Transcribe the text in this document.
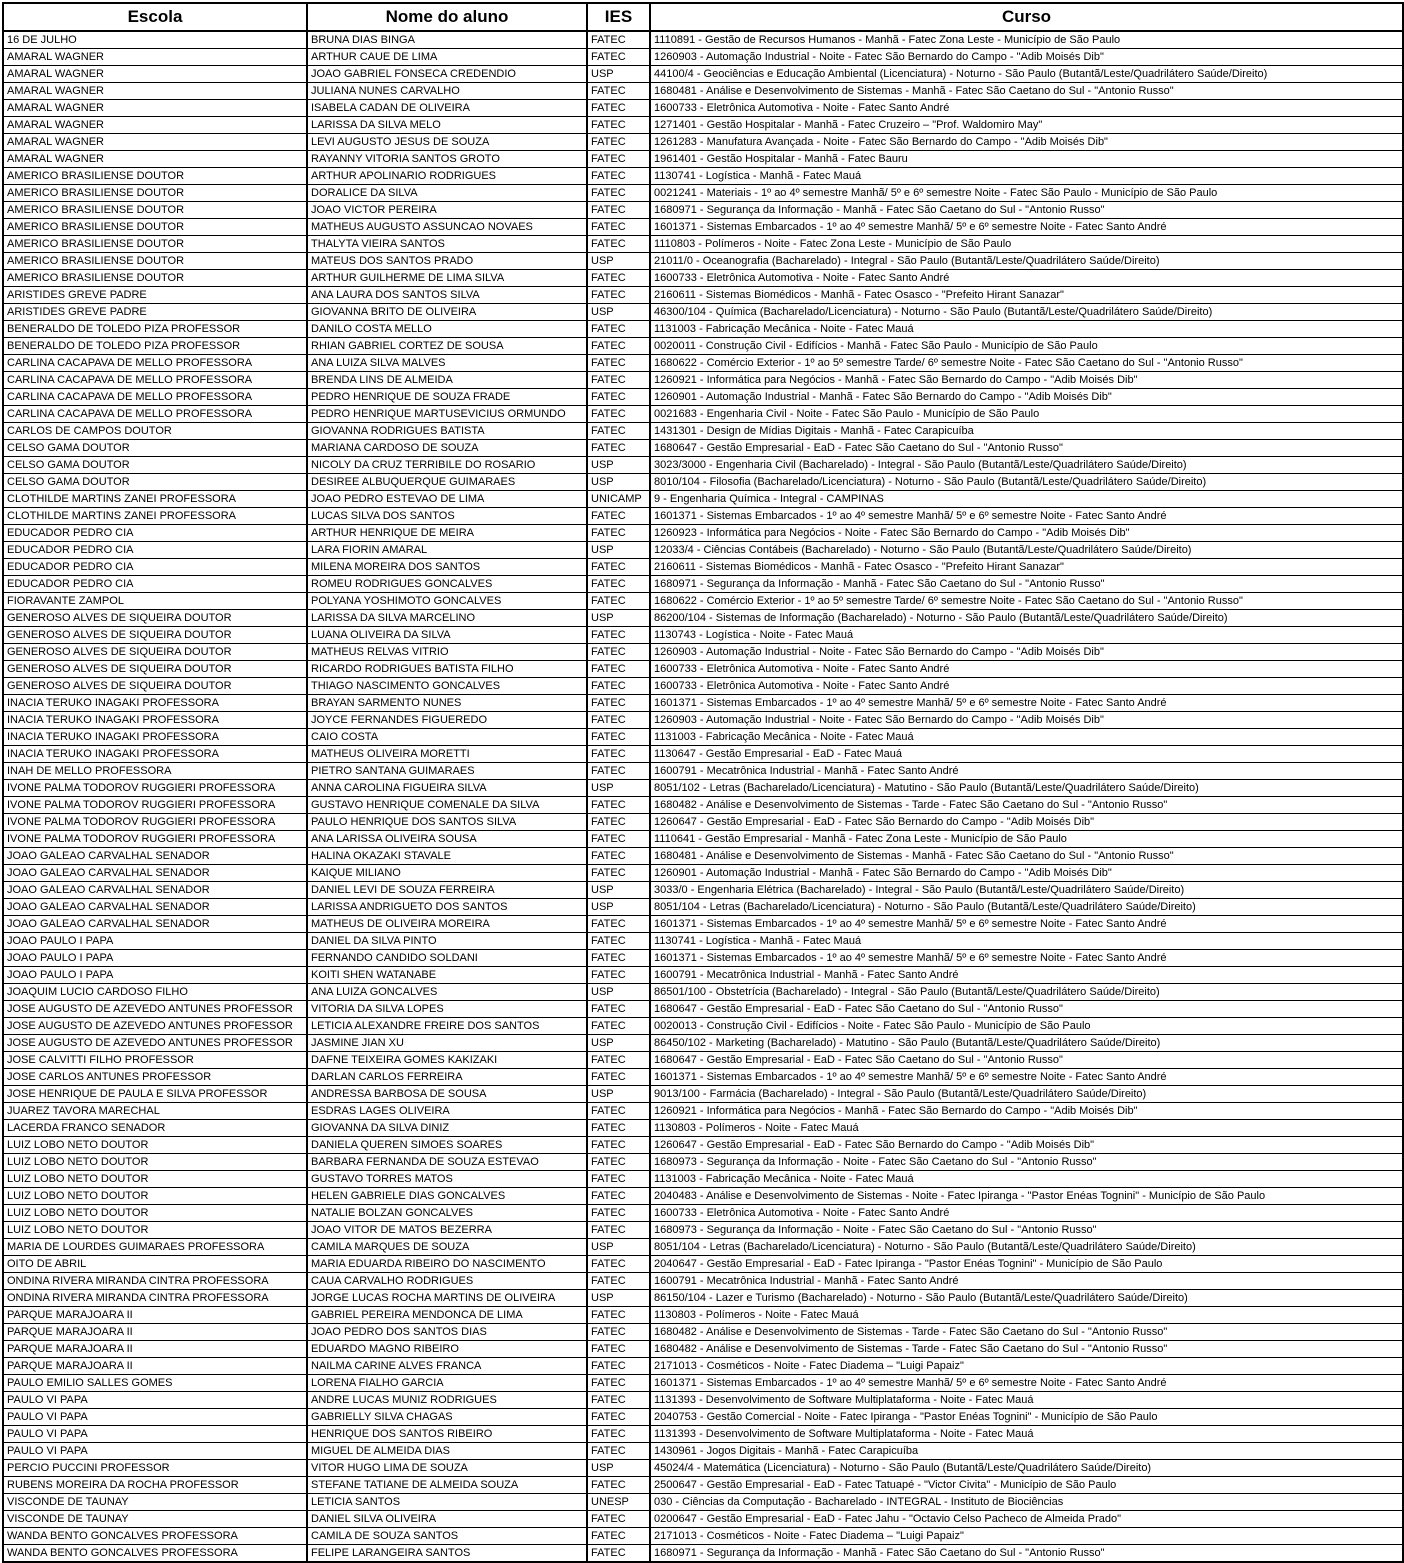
Escola	Nome do aluno	IES	Curso
16 DE JULHO	BRUNA DIAS BINGA	FATEC	1110891 - Gestão de Recursos Humanos - Manhã - Fatec Zona Leste - Município de São Paulo
AMARAL WAGNER	ARTHUR CAUE DE LIMA	FATEC	1260903 - Automação Industrial - Noite - Fatec São Bernardo do Campo - "Adib Moisés Dib"
AMARAL WAGNER	JOAO GABRIEL FONSECA CREDENDIO	USP	44100/4 - Geociências e Educação Ambiental (Licenciatura) - Noturno - São Paulo (Butantã/Leste/Quadrilátero Saúde/Direito)
AMARAL WAGNER	JULIANA NUNES CARVALHO	FATEC	1680481 - Análise e Desenvolvimento de Sistemas - Manhã - Fatec São Caetano do Sul - "Antonio Russo"
AMARAL WAGNER	ISABELA CADAN DE OLIVEIRA	FATEC	1600733 - Eletrônica Automotiva - Noite - Fatec Santo André
AMARAL WAGNER	LARISSA DA SILVA MELO	FATEC	1271401 - Gestão Hospitalar - Manhã - Fatec Cruzeiro – "Prof. Waldomiro May"
AMARAL WAGNER	LEVI AUGUSTO JESUS DE SOUZA	FATEC	1261283 - Manufatura Avançada - Noite - Fatec São Bernardo do Campo - "Adib Moisés Dib"
AMARAL WAGNER	RAYANNY VITORIA SANTOS GROTO	FATEC	1961401 - Gestão Hospitalar - Manhã - Fatec Bauru
AMERICO BRASILIENSE DOUTOR	ARTHUR APOLINARIO RODRIGUES	FATEC	1130741 - Logística - Manhã - Fatec Mauá
AMERICO BRASILIENSE DOUTOR	DORALICE DA SILVA	FATEC	0021241 - Materiais - 1º ao 4º semestre Manhã/ 5º e 6º semestre Noite - Fatec São Paulo - Município de São Paulo
AMERICO BRASILIENSE DOUTOR	JOAO VICTOR PEREIRA	FATEC	1680971 - Segurança da Informação - Manhã - Fatec São Caetano do Sul - "Antonio Russo"
AMERICO BRASILIENSE DOUTOR	MATHEUS AUGUSTO ASSUNCAO NOVAES	FATEC	1601371 - Sistemas Embarcados - 1º ao 4º semestre Manhã/ 5º e 6º semestre Noite - Fatec Santo André
AMERICO BRASILIENSE DOUTOR	THALYTA VIEIRA SANTOS	FATEC	1110803 - Polímeros - Noite - Fatec Zona Leste - Município de São Paulo
AMERICO BRASILIENSE DOUTOR	MATEUS DOS SANTOS PRADO	USP	21011/0 - Oceanografia (Bacharelado) - Integral - São Paulo (Butantã/Leste/Quadrilátero Saúde/Direito)
AMERICO BRASILIENSE DOUTOR	ARTHUR GUILHERME DE LIMA SILVA	FATEC	1600733 - Eletrônica Automotiva - Noite - Fatec Santo André
ARISTIDES GREVE PADRE	ANA LAURA DOS SANTOS SILVA	FATEC	2160611 - Sistemas Biomédicos - Manhã - Fatec Osasco - "Prefeito Hirant Sanazar"
ARISTIDES GREVE PADRE	GIOVANNA BRITO DE OLIVEIRA	USP	46300/104 - Química (Bacharelado/Licenciatura) - Noturno - São Paulo (Butantã/Leste/Quadrilátero Saúde/Direito)
BENERALDO DE TOLEDO PIZA PROFESSOR	DANILO COSTA MELLO	FATEC	1131003 - Fabricação Mecânica - Noite - Fatec Mauá
BENERALDO DE TOLEDO PIZA PROFESSOR	RHIAN GABRIEL CORTEZ DE SOUSA	FATEC	0020011 - Construção Civil - Edifícios - Manhã - Fatec São Paulo - Município de São Paulo
CARLINA CACAPAVA DE MELLO PROFESSORA	ANA LUIZA SILVA MALVES	FATEC	1680622 - Comércio Exterior - 1º ao 5º semestre Tarde/ 6º semestre Noite - Fatec São Caetano do Sul - "Antonio Russo"
CARLINA CACAPAVA DE MELLO PROFESSORA	BRENDA LINS DE ALMEIDA	FATEC	1260921 - Informática para Negócios - Manhã - Fatec São Bernardo do Campo - "Adib Moisés Dib"
CARLINA CACAPAVA DE MELLO PROFESSORA	PEDRO HENRIQUE DE SOUZA FRADE	FATEC	1260901 - Automação Industrial - Manhã - Fatec São Bernardo do Campo - "Adib Moisés Dib"
CARLINA CACAPAVA DE MELLO PROFESSORA	PEDRO HENRIQUE MARTUSEVICIUS ORMUNDO	FATEC	0021683 - Engenharia Civil - Noite - Fatec São Paulo - Município de São Paulo
CARLOS DE CAMPOS DOUTOR	GIOVANNA RODRIGUES BATISTA	FATEC	1431301 - Design de Mídias Digitais - Manhã - Fatec Carapicuíba
CELSO GAMA DOUTOR	MARIANA CARDOSO DE SOUZA	FATEC	1680647 - Gestão Empresarial - EaD - Fatec São Caetano do Sul - "Antonio Russo"
CELSO GAMA DOUTOR	NICOLY DA CRUZ TERRIBILE DO ROSARIO	USP	3023/3000 - Engenharia Civil (Bacharelado) - Integral - São Paulo (Butantã/Leste/Quadrilátero Saúde/Direito)
CELSO GAMA DOUTOR	DESIREE ALBUQUERQUE GUIMARAES	USP	8010/104 - Filosofia (Bacharelado/Licenciatura) - Noturno - São Paulo (Butantã/Leste/Quadrilátero Saúde/Direito)
CLOTHILDE MARTINS ZANEI PROFESSORA	JOAO PEDRO ESTEVAO DE LIMA	UNICAMP	9 - Engenharia Química - Integral - CAMPINAS
CLOTHILDE MARTINS ZANEI PROFESSORA	LUCAS SILVA DOS SANTOS	FATEC	1601371 - Sistemas Embarcados - 1º ao 4º semestre Manhã/ 5º e 6º semestre Noite - Fatec Santo André
EDUCADOR PEDRO CIA	ARTHUR HENRIQUE DE MEIRA	FATEC	1260923 - Informática para Negócios - Noite - Fatec São Bernardo do Campo - "Adib Moisés Dib"
EDUCADOR PEDRO CIA	LARA FIORIN AMARAL	USP	12033/4 - Ciências Contábeis (Bacharelado) - Noturno - São Paulo (Butantã/Leste/Quadrilátero Saúde/Direito)
EDUCADOR PEDRO CIA	MILENA MOREIRA DOS SANTOS	FATEC	2160611 - Sistemas Biomédicos - Manhã - Fatec Osasco - "Prefeito Hirant Sanazar"
EDUCADOR PEDRO CIA	ROMEU RODRIGUES GONCALVES	FATEC	1680971 - Segurança da Informação - Manhã - Fatec São Caetano do Sul - "Antonio Russo"
FIORAVANTE ZAMPOL	POLYANA YOSHIMOTO GONCALVES	FATEC	1680622 - Comércio Exterior - 1º ao 5º semestre Tarde/ 6º semestre Noite - Fatec São Caetano do Sul - "Antonio Russo"
GENEROSO ALVES DE SIQUEIRA DOUTOR	LARISSA DA SILVA MARCELINO	USP	86200/104 - Sistemas de Informação (Bacharelado) - Noturno - São Paulo (Butantã/Leste/Quadrilátero Saúde/Direito)
GENEROSO ALVES DE SIQUEIRA DOUTOR	LUANA OLIVEIRA DA SILVA	FATEC	1130743 - Logística - Noite - Fatec Mauá
GENEROSO ALVES DE SIQUEIRA DOUTOR	MATHEUS RELVAS VITRIO	FATEC	1260903 - Automação Industrial - Noite - Fatec São Bernardo do Campo - "Adib Moisés Dib"
GENEROSO ALVES DE SIQUEIRA DOUTOR	RICARDO RODRIGUES BATISTA FILHO	FATEC	1600733 - Eletrônica Automotiva - Noite - Fatec Santo André
GENEROSO ALVES DE SIQUEIRA DOUTOR	THIAGO NASCIMENTO GONCALVES	FATEC	1600733 - Eletrônica Automotiva - Noite - Fatec Santo André
INACIA TERUKO INAGAKI PROFESSORA	BRAYAN SARMENTO NUNES	FATEC	1601371 - Sistemas Embarcados - 1º ao 4º semestre Manhã/ 5º e 6º semestre Noite - Fatec Santo André
INACIA TERUKO INAGAKI PROFESSORA	JOYCE FERNANDES FIGUEREDO	FATEC	1260903 - Automação Industrial - Noite - Fatec São Bernardo do Campo - "Adib Moisés Dib"
INACIA TERUKO INAGAKI PROFESSORA	CAIO COSTA	FATEC	1131003 - Fabricação Mecânica - Noite - Fatec Mauá
INACIA TERUKO INAGAKI PROFESSORA	MATHEUS OLIVEIRA MORETTI	FATEC	1130647 - Gestão Empresarial - EaD - Fatec Mauá
INAH DE MELLO PROFESSORA	PIETRO SANTANA GUIMARAES	FATEC	1600791 - Mecatrônica Industrial - Manhã - Fatec Santo André
IVONE PALMA TODOROV RUGGIERI PROFESSORA	ANNA CAROLINA FIGUEIRA SILVA	USP	8051/102 - Letras (Bacharelado/Licenciatura) - Matutino - São Paulo (Butantã/Leste/Quadrilátero Saúde/Direito)
IVONE PALMA TODOROV RUGGIERI PROFESSORA	GUSTAVO HENRIQUE COMENALE DA SILVA	FATEC	1680482 - Análise e Desenvolvimento de Sistemas - Tarde - Fatec São Caetano do Sul - "Antonio Russo"
IVONE PALMA TODOROV RUGGIERI PROFESSORA	PAULO HENRIQUE DOS SANTOS SILVA	FATEC	1260647 - Gestão Empresarial - EaD - Fatec São Bernardo do Campo - "Adib Moisés Dib"
IVONE PALMA TODOROV RUGGIERI PROFESSORA	ANA LARISSA OLIVEIRA SOUSA	FATEC	1110641 - Gestão Empresarial - Manhã - Fatec Zona Leste - Município de São Paulo
JOAO GALEAO CARVALHAL SENADOR	HALINA OKAZAKI STAVALE	FATEC	1680481 - Análise e Desenvolvimento de Sistemas - Manhã - Fatec São Caetano do Sul - "Antonio Russo"
JOAO GALEAO CARVALHAL SENADOR	KAIQUE MILIANO	FATEC	1260901 - Automação Industrial - Manhã - Fatec São Bernardo do Campo - "Adib Moisés Dib"
JOAO GALEAO CARVALHAL SENADOR	DANIEL LEVI DE SOUZA FERREIRA	USP	3033/0 - Engenharia Elétrica (Bacharelado) - Integral - São Paulo (Butantã/Leste/Quadrilátero Saúde/Direito)
JOAO GALEAO CARVALHAL SENADOR	LARISSA ANDRIGUETO DOS SANTOS	USP	8051/104 - Letras (Bacharelado/Licenciatura) - Noturno - São Paulo (Butantã/Leste/Quadrilátero Saúde/Direito)
JOAO GALEAO CARVALHAL SENADOR	MATHEUS DE OLIVEIRA MOREIRA	FATEC	1601371 - Sistemas Embarcados - 1º ao 4º semestre Manhã/ 5º e 6º semestre Noite - Fatec Santo André
JOAO PAULO I PAPA	DANIEL DA SILVA PINTO	FATEC	1130741 - Logística - Manhã - Fatec Mauá
JOAO PAULO I PAPA	FERNANDO CANDIDO SOLDANI	FATEC	1601371 - Sistemas Embarcados - 1º ao 4º semestre Manhã/ 5º e 6º semestre Noite - Fatec Santo André
JOAO PAULO I PAPA	KOITI SHEN WATANABE	FATEC	1600791 - Mecatrônica Industrial - Manhã - Fatec Santo André
JOAQUIM LUCIO CARDOSO FILHO	ANA LUIZA GONCALVES	USP	86501/100 - Obstetrícia (Bacharelado) - Integral - São Paulo (Butantã/Leste/Quadrilátero Saúde/Direito)
JOSE AUGUSTO DE AZEVEDO ANTUNES PROFESSOR	VITORIA DA SILVA LOPES	FATEC	1680647 - Gestão Empresarial - EaD - Fatec São Caetano do Sul - "Antonio Russo"
JOSE AUGUSTO DE AZEVEDO ANTUNES PROFESSOR	LETICIA ALEXANDRE FREIRE DOS SANTOS	FATEC	0020013 - Construção Civil - Edifícios - Noite - Fatec São Paulo - Município de São Paulo
JOSE AUGUSTO DE AZEVEDO ANTUNES PROFESSOR	JASMINE JIAN XU	USP	86450/102 - Marketing (Bacharelado) - Matutino - São Paulo (Butantã/Leste/Quadrilátero Saúde/Direito)
JOSE CALVITTI FILHO PROFESSOR	DAFNE TEIXEIRA GOMES KAKIZAKI	FATEC	1680647 - Gestão Empresarial - EaD - Fatec São Caetano do Sul - "Antonio Russo"
JOSE CARLOS ANTUNES PROFESSOR	DARLAN CARLOS FERREIRA	FATEC	1601371 - Sistemas Embarcados - 1º ao 4º semestre Manhã/ 5º e 6º semestre Noite - Fatec Santo André
JOSE HENRIQUE DE PAULA E SILVA PROFESSOR	ANDRESSA BARBOSA DE SOUSA	USP	9013/100 - Farmácia (Bacharelado) - Integral - São Paulo (Butantã/Leste/Quadrilátero Saúde/Direito)
JUAREZ TAVORA MARECHAL	ESDRAS LAGES OLIVEIRA	FATEC	1260921 - Informática para Negócios - Manhã - Fatec São Bernardo do Campo - "Adib Moisés Dib"
LACERDA FRANCO SENADOR	GIOVANNA DA SILVA DINIZ	FATEC	1130803 - Polímeros - Noite - Fatec Mauá
LUIZ LOBO NETO DOUTOR	DANIELA QUEREN SIMOES SOARES	FATEC	1260647 - Gestão Empresarial - EaD - Fatec São Bernardo do Campo - "Adib Moisés Dib"
LUIZ LOBO NETO DOUTOR	BARBARA FERNANDA DE SOUZA ESTEVAO	FATEC	1680973 - Segurança da Informação - Noite - Fatec São Caetano do Sul - "Antonio Russo"
LUIZ LOBO NETO DOUTOR	GUSTAVO TORRES MATOS	FATEC	1131003 - Fabricação Mecânica - Noite - Fatec Mauá
LUIZ LOBO NETO DOUTOR	HELEN GABRIELE DIAS GONCALVES	FATEC	2040483 - Análise e Desenvolvimento de Sistemas - Noite - Fatec Ipiranga - "Pastor Enéas Tognini" - Município de São Paulo
LUIZ LOBO NETO DOUTOR	NATALIE BOLZAN GONCALVES	FATEC	1600733 - Eletrônica Automotiva - Noite - Fatec Santo André
LUIZ LOBO NETO DOUTOR	JOAO VITOR DE MATOS BEZERRA	FATEC	1680973 - Segurança da Informação - Noite - Fatec São Caetano do Sul - "Antonio Russo"
MARIA DE LOURDES GUIMARAES PROFESSORA	CAMILA MARQUES DE SOUZA	USP	8051/104 - Letras (Bacharelado/Licenciatura) - Noturno - São Paulo (Butantã/Leste/Quadrilátero Saúde/Direito)
OITO DE ABRIL	MARIA EDUARDA RIBEIRO DO NASCIMENTO	FATEC	2040647 - Gestão Empresarial - EaD - Fatec Ipiranga - "Pastor Enéas Tognini" - Município de São Paulo
ONDINA RIVERA MIRANDA CINTRA PROFESSORA	CAUA CARVALHO RODRIGUES	FATEC	1600791 - Mecatrônica Industrial - Manhã - Fatec Santo André
ONDINA RIVERA MIRANDA CINTRA PROFESSORA	JORGE LUCAS ROCHA MARTINS DE OLIVEIRA	USP	86150/104 - Lazer e Turismo (Bacharelado) - Noturno - São Paulo (Butantã/Leste/Quadrilátero Saúde/Direito)
PARQUE MARAJOARA II	GABRIEL PEREIRA MENDONCA DE LIMA	FATEC	1130803 - Polímeros - Noite - Fatec Mauá
PARQUE MARAJOARA II	JOAO PEDRO DOS SANTOS DIAS	FATEC	1680482 - Análise e Desenvolvimento de Sistemas - Tarde - Fatec São Caetano do Sul - "Antonio Russo"
PARQUE MARAJOARA II	EDUARDO MAGNO RIBEIRO	FATEC	1680482 - Análise e Desenvolvimento de Sistemas - Tarde - Fatec São Caetano do Sul - "Antonio Russo"
PARQUE MARAJOARA II	NAILMA CARINE ALVES FRANCA	FATEC	2171013 - Cosméticos - Noite - Fatec Diadema – "Luigi Papaiz"
PAULO EMILIO SALLES GOMES	LORENA FIALHO GARCIA	FATEC	1601371 - Sistemas Embarcados - 1º ao 4º semestre Manhã/ 5º e 6º semestre Noite - Fatec Santo André
PAULO VI PAPA	ANDRE LUCAS MUNIZ RODRIGUES	FATEC	1131393 - Desenvolvimento de Software Multiplataforma - Noite - Fatec Mauá
PAULO VI PAPA	GABRIELLY SILVA CHAGAS	FATEC	2040753 - Gestão Comercial - Noite - Fatec Ipiranga - "Pastor Enéas Tognini" - Município de São Paulo
PAULO VI PAPA	HENRIQUE DOS SANTOS RIBEIRO	FATEC	1131393 - Desenvolvimento de Software Multiplataforma - Noite - Fatec Mauá
PAULO VI PAPA	MIGUEL DE ALMEIDA DIAS	FATEC	1430961 - Jogos Digitais - Manhã - Fatec Carapicuíba
PERCIO PUCCINI PROFESSOR	VITOR HUGO LIMA DE SOUZA	USP	45024/4 - Matemática (Licenciatura) - Noturno - São Paulo (Butantã/Leste/Quadrilátero Saúde/Direito)
RUBENS MOREIRA DA ROCHA PROFESSOR	STEFANE TATIANE DE ALMEIDA SOUZA	FATEC	2500647 - Gestão Empresarial - EaD - Fatec Tatuapé - "Victor Civita" - Município de São Paulo
VISCONDE DE TAUNAY	LETICIA SANTOS	UNESP	030 - Ciências da Computação - Bacharelado - INTEGRAL - Instituto de Biociências
VISCONDE DE TAUNAY	DANIEL SILVA OLIVEIRA	FATEC	0200647 - Gestão Empresarial - EaD - Fatec Jahu - "Octavio Celso Pacheco de Almeida Prado"
WANDA BENTO GONCALVES PROFESSORA	CAMILA DE SOUZA SANTOS	FATEC	2171013 - Cosméticos - Noite - Fatec Diadema – "Luigi Papaiz"
WANDA BENTO GONCALVES PROFESSORA	FELIPE LARANGEIRA SANTOS	FATEC	1680971 - Segurança da Informação - Manhã - Fatec São Caetano do Sul - "Antonio Russo"
